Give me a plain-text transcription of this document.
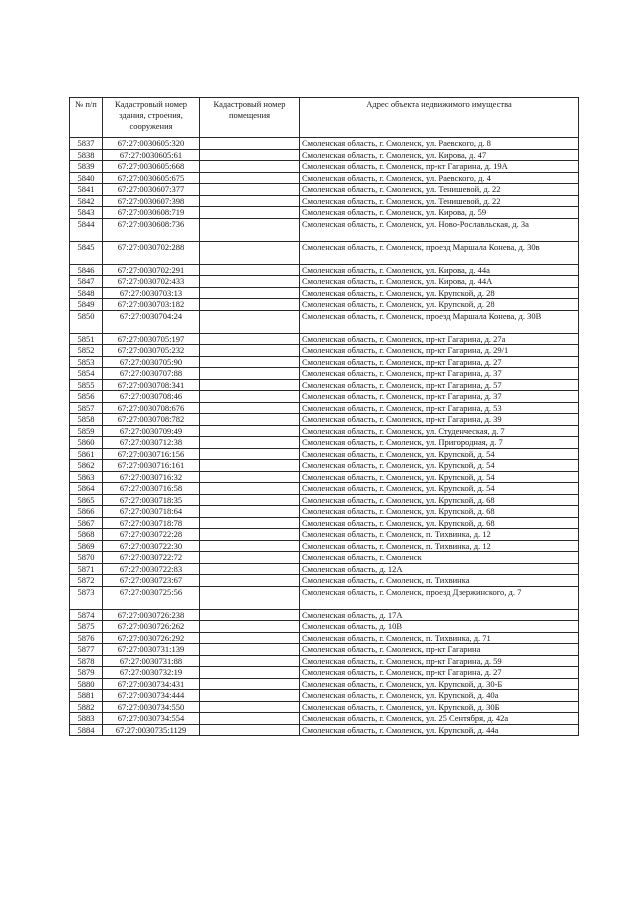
№ п/п	Кадастровый номер здания, строения, сооружения	Кадастровый номер помещения	Адрес объекта недвижимого имущества
5837	67:27:0030605:320		Смоленская область, г. Смоленск, ул. Раевского, д. 8
5838	67:27:0030605:61		Смоленская область, г. Смоленск, ул. Кирова, д. 47
5839	67:27:0030605:668		Смоленская область, г. Смоленск, пр-кт Гагарина, д. 19А
5840	67:27:0030605:675		Смоленская область, г. Смоленск, ул. Раевского, д. 4
5841	67:27:0030607:377		Смоленская область, г. Смоленск, ул. Тенишевой, д. 22
5842	67:27:0030607:398		Смоленская область, г. Смоленск, ул. Тенишевой, д. 22
5843	67:27:0030608:719		Смоленская область, г. Смоленск, ул. Кирова, д. 59
5844	67:27:0030608:736		Смоленская область, г. Смоленск, ул. Ново-Рославльская, д. 3а
5845	67:27:0030702:288		Смоленская область, г. Смоленск, проезд Маршала Конева, д. 30в
5846	67:27:0030702:291		Смоленская область, г. Смоленск, ул. Кирова, д. 44а
5847	67:27:0030702:433		Смоленская область, г. Смоленск, ул. Кирова, д. 44А
5848	67:27:0030703:13		Смоленская область, г. Смоленск, ул. Крупской, д. 28
5849	67:27:0030703:182		Смоленская область, г. Смоленск, ул. Крупской, д. 28
5850	67:27:0030704:24		Смоленская область, г. Смоленск, проезд Маршала Конева, д. 30В
5851	67:27:0030705:197		Смоленская область, г. Смоленск, пр-кт Гагарина, д. 27а
5852	67:27:0030705:232		Смоленская область, г. Смоленск, пр-кт Гагарина, д. 29/1
5853	67:27:0030705:90		Смоленская область, г. Смоленск, пр-кт Гагарина, д. 27
5854	67:27:0030707:88		Смоленская область, г. Смоленск, пр-кт Гагарина, д. 37
5855	67:27:0030708:341		Смоленская область, г. Смоленск, пр-кт Гагарина, д. 57
5856	67:27:0030708:46		Смоленская область, г. Смоленск, пр-кт Гагарина, д. 37
5857	67:27:0030708:676		Смоленская область, г. Смоленск, пр-кт Гагарина, д. 53
5858	67:27:0030708:782		Смоленская область, г. Смоленск, пр-кт Гагарина, д. 39
5859	67:27:0030709:49		Смоленская область, г. Смоленск, ул. Студенческая, д. 7
5860	67:27:0030712:38		Смоленская область, г. Смоленск, ул. Пригородная, д. 7
5861	67:27:0030716:156		Смоленская область, г. Смоленск, ул. Крупской, д. 54
5862	67:27:0030716:161		Смоленская область, г. Смоленск, ул. Крупской, д. 54
5863	67:27:0030716:32		Смоленская область, г. Смоленск, ул. Крупской, д. 54
5864	67:27:0030716:58		Смоленская область, г. Смоленск, ул. Крупской, д. 54
5865	67:27:0030718:35		Смоленская область, г. Смоленск, ул. Крупской, д. 68
5866	67:27:0030718:64		Смоленская область, г. Смоленск, ул. Крупской, д. 68
5867	67:27:0030718:78		Смоленская область, г. Смоленск, ул. Крупской, д. 68
5868	67:27:0030722:28		Смоленская область, г. Смоленск, п. Тихвинка, д. 12
5869	67:27:0030722:30		Смоленская область, г. Смоленск, п. Тихвинка, д. 12
5870	67:27:0030722:72		Смоленская область, г. Смоленск
5871	67:27:0030722:83		Смоленская область, д. 12А
5872	67:27:0030723:67		Смоленская область, г. Смоленск, п. Тихвинка
5873	67:27:0030725:56		Смоленская область, г. Смоленск, проезд Дзержинского, д. 7
5874	67:27:0030726:238		Смоленская область, д. 17А
5875	67:27:0030726:262		Смоленская область, д. 10В
5876	67:27:0030726:292		Смоленская область, г. Смоленск, п. Тихвинка, д. 71
5877	67:27:0030731:139		Смоленская область, г. Смоленск, пр-кт Гагарина
5878	67:27:0030731:88		Смоленская область, г. Смоленск, пр-кт Гагарина, д. 59
5879	67:27:0030732:19		Смоленская область, г. Смоленск, пр-кт Гагарина, д. 27
5880	67:27:0030734:431		Смоленская область, г. Смоленск, ул. Крупской, д. 30-Б
5881	67:27:0030734:444		Смоленская область, г. Смоленск, ул. Крупской, д. 40а
5882	67:27:0030734:550		Смоленская область, г. Смоленск, ул. Крупской, д. 30Б
5883	67:27:0030734:554		Смоленская область, г. Смоленск, ул. 25 Сентября, д. 42а
5884	67:27:0030735:1129		Смоленская область, г. Смоленск, ул. Крупской, д. 44а
